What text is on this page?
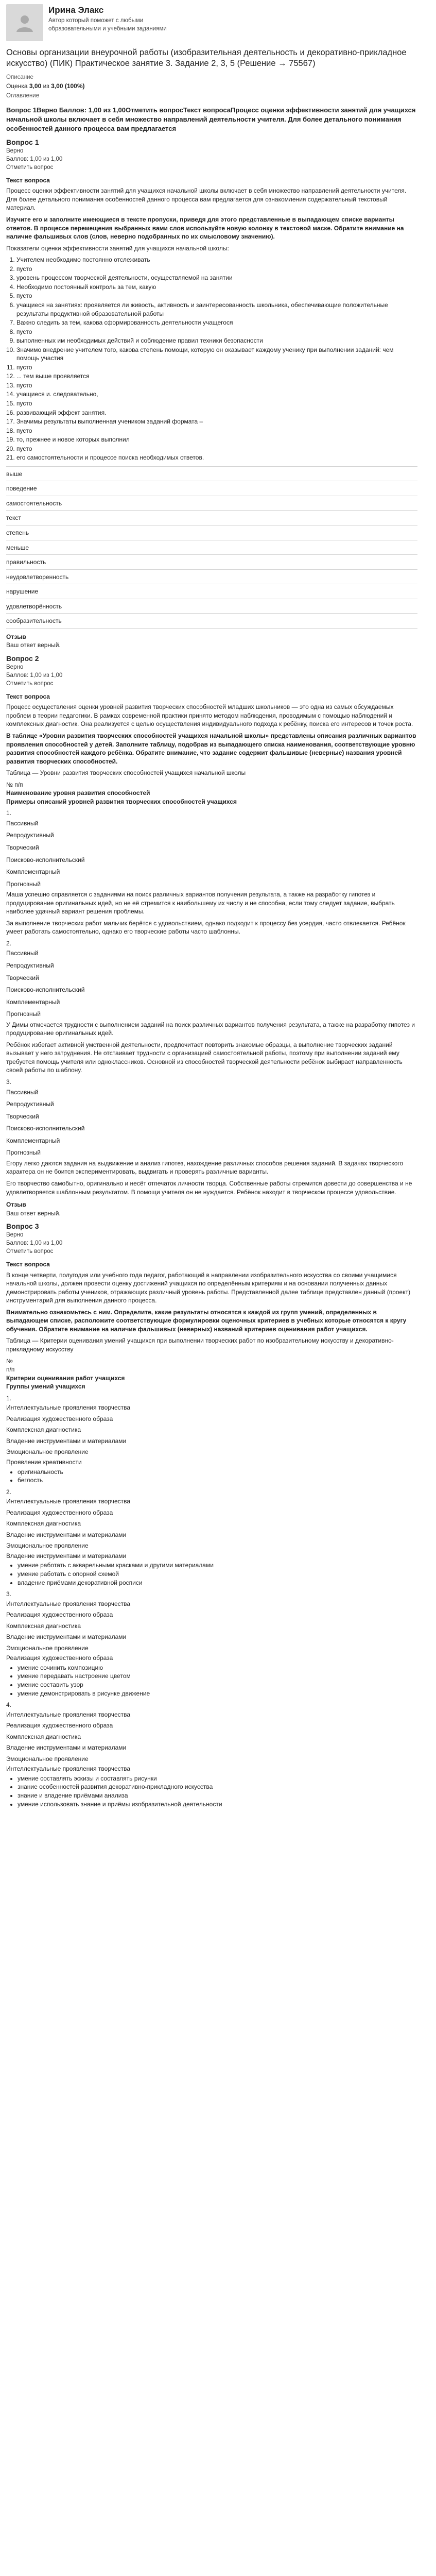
Ирина Элакс
Автор который поможет с любыми образовательными и учебными заданиями
Основы организации внеурочной работы (изобразительная деятельность и декоративно-прикладное искусство) (ПИК) Практическое занятие 3. Задание 2, 3, 5 (Решение → 75567)
Описание
Оценка 3,00 из 3,00 (100%)
Оглавление
Вопрос 1Верно Баллов: 1,00 из 1,00Отметить вопросТекст вопросаПроцесс оценки эффективности занятий для учащихся начальной школы включает в себя множество направлений деятельности учителя. Для более детального понимания особенностей данного процесса вам предлагается
Вопрос 1
Верно
Баллов: 1,00 из 1,00
Отметить вопрос
Текст вопроса

Процесс оценки эффективности занятий для учащихся начальной школы включает в себя множество направлений деятельности учителя. Для более детального понимания особенностей данного процесса вам предлагается для ознакомления содержательный текстовый материал.

Изучите его и заполните имеющиеся в тексте пропуски, приведя для этого представленные в выпадающем списке варианты ответов. В процессе перемещения выбранных вами слов используйте новую колонку в текстовой маске. Обратите внимание на наличие фальшивых слов (слов, неверно подобранных по их смысловому значению).

Показатели оценки эффективности занятий для учащихся начальной школы:

1. Учителем необходимо постоянно отслеживать
2. пусто
3. уровень процессом творческой деятельности, осуществляемой на занятии
4. Необходимо постоянный контроль за тем, какую
5. пусто
6. учащиеся на занятиях: проявляется ли живость, активность и заинтересованность школьника, обеспечивающие положительные результаты продуктивной образовательной работы
7. Важно следить за тем, какова сформированность деятельности учащегося
8. пусто
9. выполненных им необходимых действий и соблюдение правил техники безопасности
10. Значимо внедрение учителем того, какова степень помощи, которую он оказывает каждому ученику при выполнении заданий: чем помощь участия
11. пусто
12. ... тем выше проявляется
13. пусто
14. учащиеся и. следовательно,
15. пусто
16. развивающий эффект занятия.
17. Значимы результаты выполненная учеником заданий формата –
18. пусто
19. то, прежнее и новое которых выполнил
20. пусто
21. его самостоятельности и процессе поиска необходимых ответов.
выше
поведение
самостоятельность
текст
степень
меньше
правильность
неудовлетворенность
нарушение
удовлетворённость
сообразительность
Отзыв
Ваш ответ верный.
Вопрос 2
Верно
Баллов: 1,00 из 1,00
Отметить вопрос
Текст вопроса

Процесс осуществления оценки уровней развития творческих способностей младших школьников — это одна из самых обсуждаемых проблем в теории педагогики. В рамках современной практики принято методом наблюдения, проводимым с помощью наблюдений и комплексных диагностик. Она реализуется с целью осуществления индивидуального подхода к ребёнку, поиска его интересов и точек роста.

В таблице «Уровни развития творческих способностей учащихся начальной школы» представлены описания различных вариантов проявления способностей у детей. Заполните таблицу, подобрав из выпадающего списка наименования, соответствующие уровню развития способностей каждого ребёнка. Обратите внимание, что задание содержит фальшивые (неверные) названия уровней развития творческих способностей.

Таблица — Уровни развития творческих способностей учащихся начальной школы

№ п/п
Наименование уровня развития способностей
Примеры описаний уровней развития творческих способностей учащихся
1.
Пассивный
Репродуктивный
Творческий
Поисково-исполнительский
Комплементарный
Прогнозный

Маша успешно справляется с заданиями на поиск различных вариантов получения результата, а также на разработку гипотез и продуцирование оригинальных идей, но не её стремится к наибольшему их числу и не способна, если тому следует задание, выбрать наиболее удачный вариант решения проблемы.

За выполнение творческих работ мальчик берётся с удовольствием, однако подходит к процессу без усердия, часто отвлекается. Ребёнок умеет работать самостоятельно, однако его творческие работы часто шаблонны.

2.
Пассивный
Репродуктивный
Творческий
Поисково-исполнительский
Комплементарный
Прогнозный

У Димы отмечается трудности с выполнением заданий на поиск различных вариантов получения результата, а также на разработку гипотез и продуцирование оригинальных идей.

Ребёнок избегает активной умственной деятельности, предпочитает повторить знакомые образцы, а выполнение творческих заданий вызывает у него затруднения. Не отстаивает трудности с организацией самостоятельной работы, поэтому при выполнении заданий ему требуется помощь учителя или одноклассников. Основной из способностей творческой деятельности ребёнок выбирает направленность своей работы по шаблону.

3.
Пассивный
Репродуктивный
Творческий
Поисково-исполнительский
Комплементарный
Прогнозный

Егору легко даются задания на выдвижение и анализ гипотез, нахождение различных способов решения заданий. В задачах творческого характера он не боится экспериментировать, выдвигать и проверять различные варианты.

Его творчество самобытно, оригинально и несёт отпечаток личности творца. Собственные работы стремится довести до совершенства и не удовлетворяется шаблонным результатом. В помощи учителя он не нуждается. Ребёнок находит в творческом процессе удовольствие.

Отзыв
Ваш ответ верный.
Вопрос 3
Верно
Баллов: 1,00 из 1,00
Отметить вопрос
Текст вопроса

В конце четверти, полугодия или учебного года педагог, работающий в направлении изобразительного искусства со своими учащимися начальной школы, должен провести оценку достижений учащихся по определённым критериям и на основании полученных данных демонстрировать работы учеников, отражающих различный уровень работы. Представленной далее таблице представлен данный (проект) инструментарий для выполнения данного процесса.

Внимательно ознакомьтесь с ним. Определите, какие результаты относятся к каждой из групп умений, определенных в выпадающем списке, расположите соответствующие формулировки оценочных критериев в учебных которые относятся к кругу обучения. Обратите внимание на наличие фальшивых (неверных) названий критериев оценивания работ учащихся.

Таблица — Критерии оценивания умений учащихся при выполнении творческих работ по изобразительному искусству и декоративно-прикладному искусству

№
п/п
Критерии оценивания работ учащихся
Группы умений учащихся
1.
Интеллектуальные проявления творчества
Реализация художественного образа
Комплексная диагностика
Владение инструментами и материалами
Эмоциональное проявление
Проявление креативности
• оригинальность
• беглость
2.
Интеллектуальные проявления творчества
Реализация художественного образа
Комплексная диагностика
Владение инструментами и материалами
Эмоциональное проявление
Владение инструментами и материалами
• умение работать с акварельными красками и другими материалами
• умение работать с опорной схемой
• владение приёмами декоративной росписи
3.
Интеллектуальные проявления творчества
Реализация художественного образа
Комплексная диагностика
Владение инструментами и материалами
Эмоциональное проявление
Реализация художественного образа
• умение сочинить композицию
• умение передавать настроение цветом
• умение составить узор
• умение демонстрировать в рисунке движение
4.
Интеллектуальные проявления творчества
Реализация художественного образа
Комплексная диагностика
Владение инструментами и материалами
Эмоциональное проявление
Интеллектуальные проявления творчества
• умение составлять эскизы и составлять рисунки
• знание особенностей развития декоративно-прикладного искусства
• знание и владение приёмами анализа
• умение использовать знание и приёмы изобразительной деятельности
